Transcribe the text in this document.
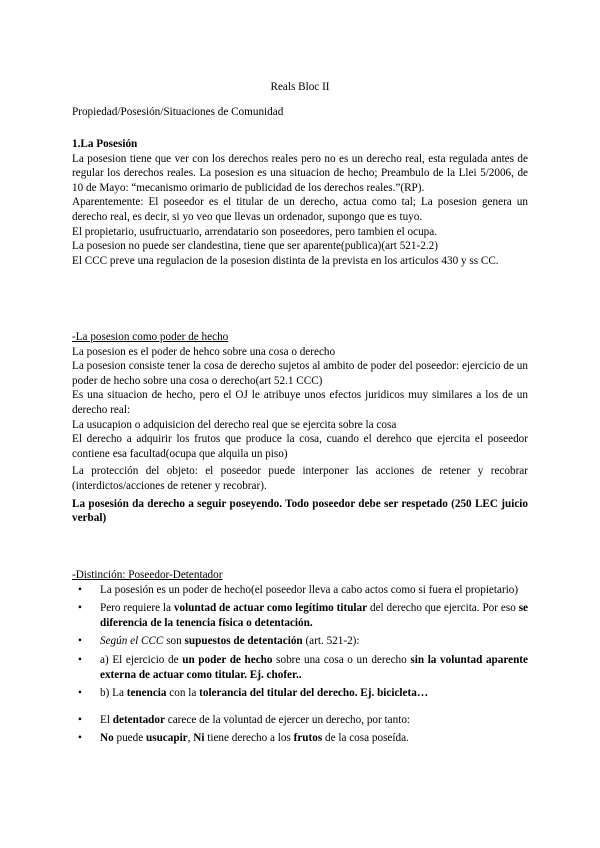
Reals Bloc II
Propiedad/Posesión/Situaciones de Comunidad

1.La Posesión

La posesion tiene que ver con los derechos reales pero no es un derecho real, esta regulada antes de regular los derechos reales. La posesion es una situacion de hecho; Preambulo de la Llei 5/2006, de 10 de Mayo: “mecanismo orimario de publicidad de los derechos reales.”(RP).

Aparentemente: El poseedor es el titular de un derecho, actua como tal; La posesion genera un derecho real, es decir, si yo veo que llevas un ordenador, supongo que es tuyo.

El propietario, usufructuario, arrendatario son poseedores, pero tambien el ocupa.

La posesion no puede ser clandestina, tiene que ser aparente(publica)(art 521-2.2)

El CCC preve una regulacion de la posesion distinta de la prevista en los articulos 430 y ss CC.

-La posesion como poder de hecho

La posesion es el poder de hehco sobre una cosa o derecho

La posesion consiste tener la cosa de derecho sujetos al ambito de poder del poseedor: ejercicio de un poder de hecho sobre una cosa o derecho(art 52.1 CCC)

Es una situacion de hecho, pero el OJ le atribuye unos efectos juridicos muy similares a los de un derecho real:

La usucapion o adquisicion del derecho real que se ejercita sobre la cosa

El derecho a adquirir los frutos que produce la cosa, cuando el derehco que ejercita el poseedor contiene esa facultad(ocupa que alquila un piso)

La protección del objeto: el poseedor puede interponer las acciones de retener y recobrar (interdictos/acciones de retener y recobrar).

La posesión da derecho a seguir poseyendo. Todo poseedor debe ser respetado (250 LEC juicio verbal)

-Distinción: Poseedor-Detentador

• La posesión es un poder de hecho(el poseedor lleva a cabo actos como si fuera el propietario)
• Pero requiere la voluntad de actuar como legítimo titular del derecho que ejercita. Por eso se diferencia de la tenencia física o detentación.
• Según el CCC son supuestos de detentación (art. 521-2):
• a) El ejercicio de un poder de hecho sobre una cosa o un derecho sin la voluntad aparente externa de actuar como titular. Ej. chofer..
• b) La tenencia con la tolerancia del titular del derecho. Ej. bicicleta…
• El detentador carece de la voluntad de ejercer un derecho, por tanto:
• No puede usucapir, Ni tiene derecho a los frutos de la cosa poseída.
